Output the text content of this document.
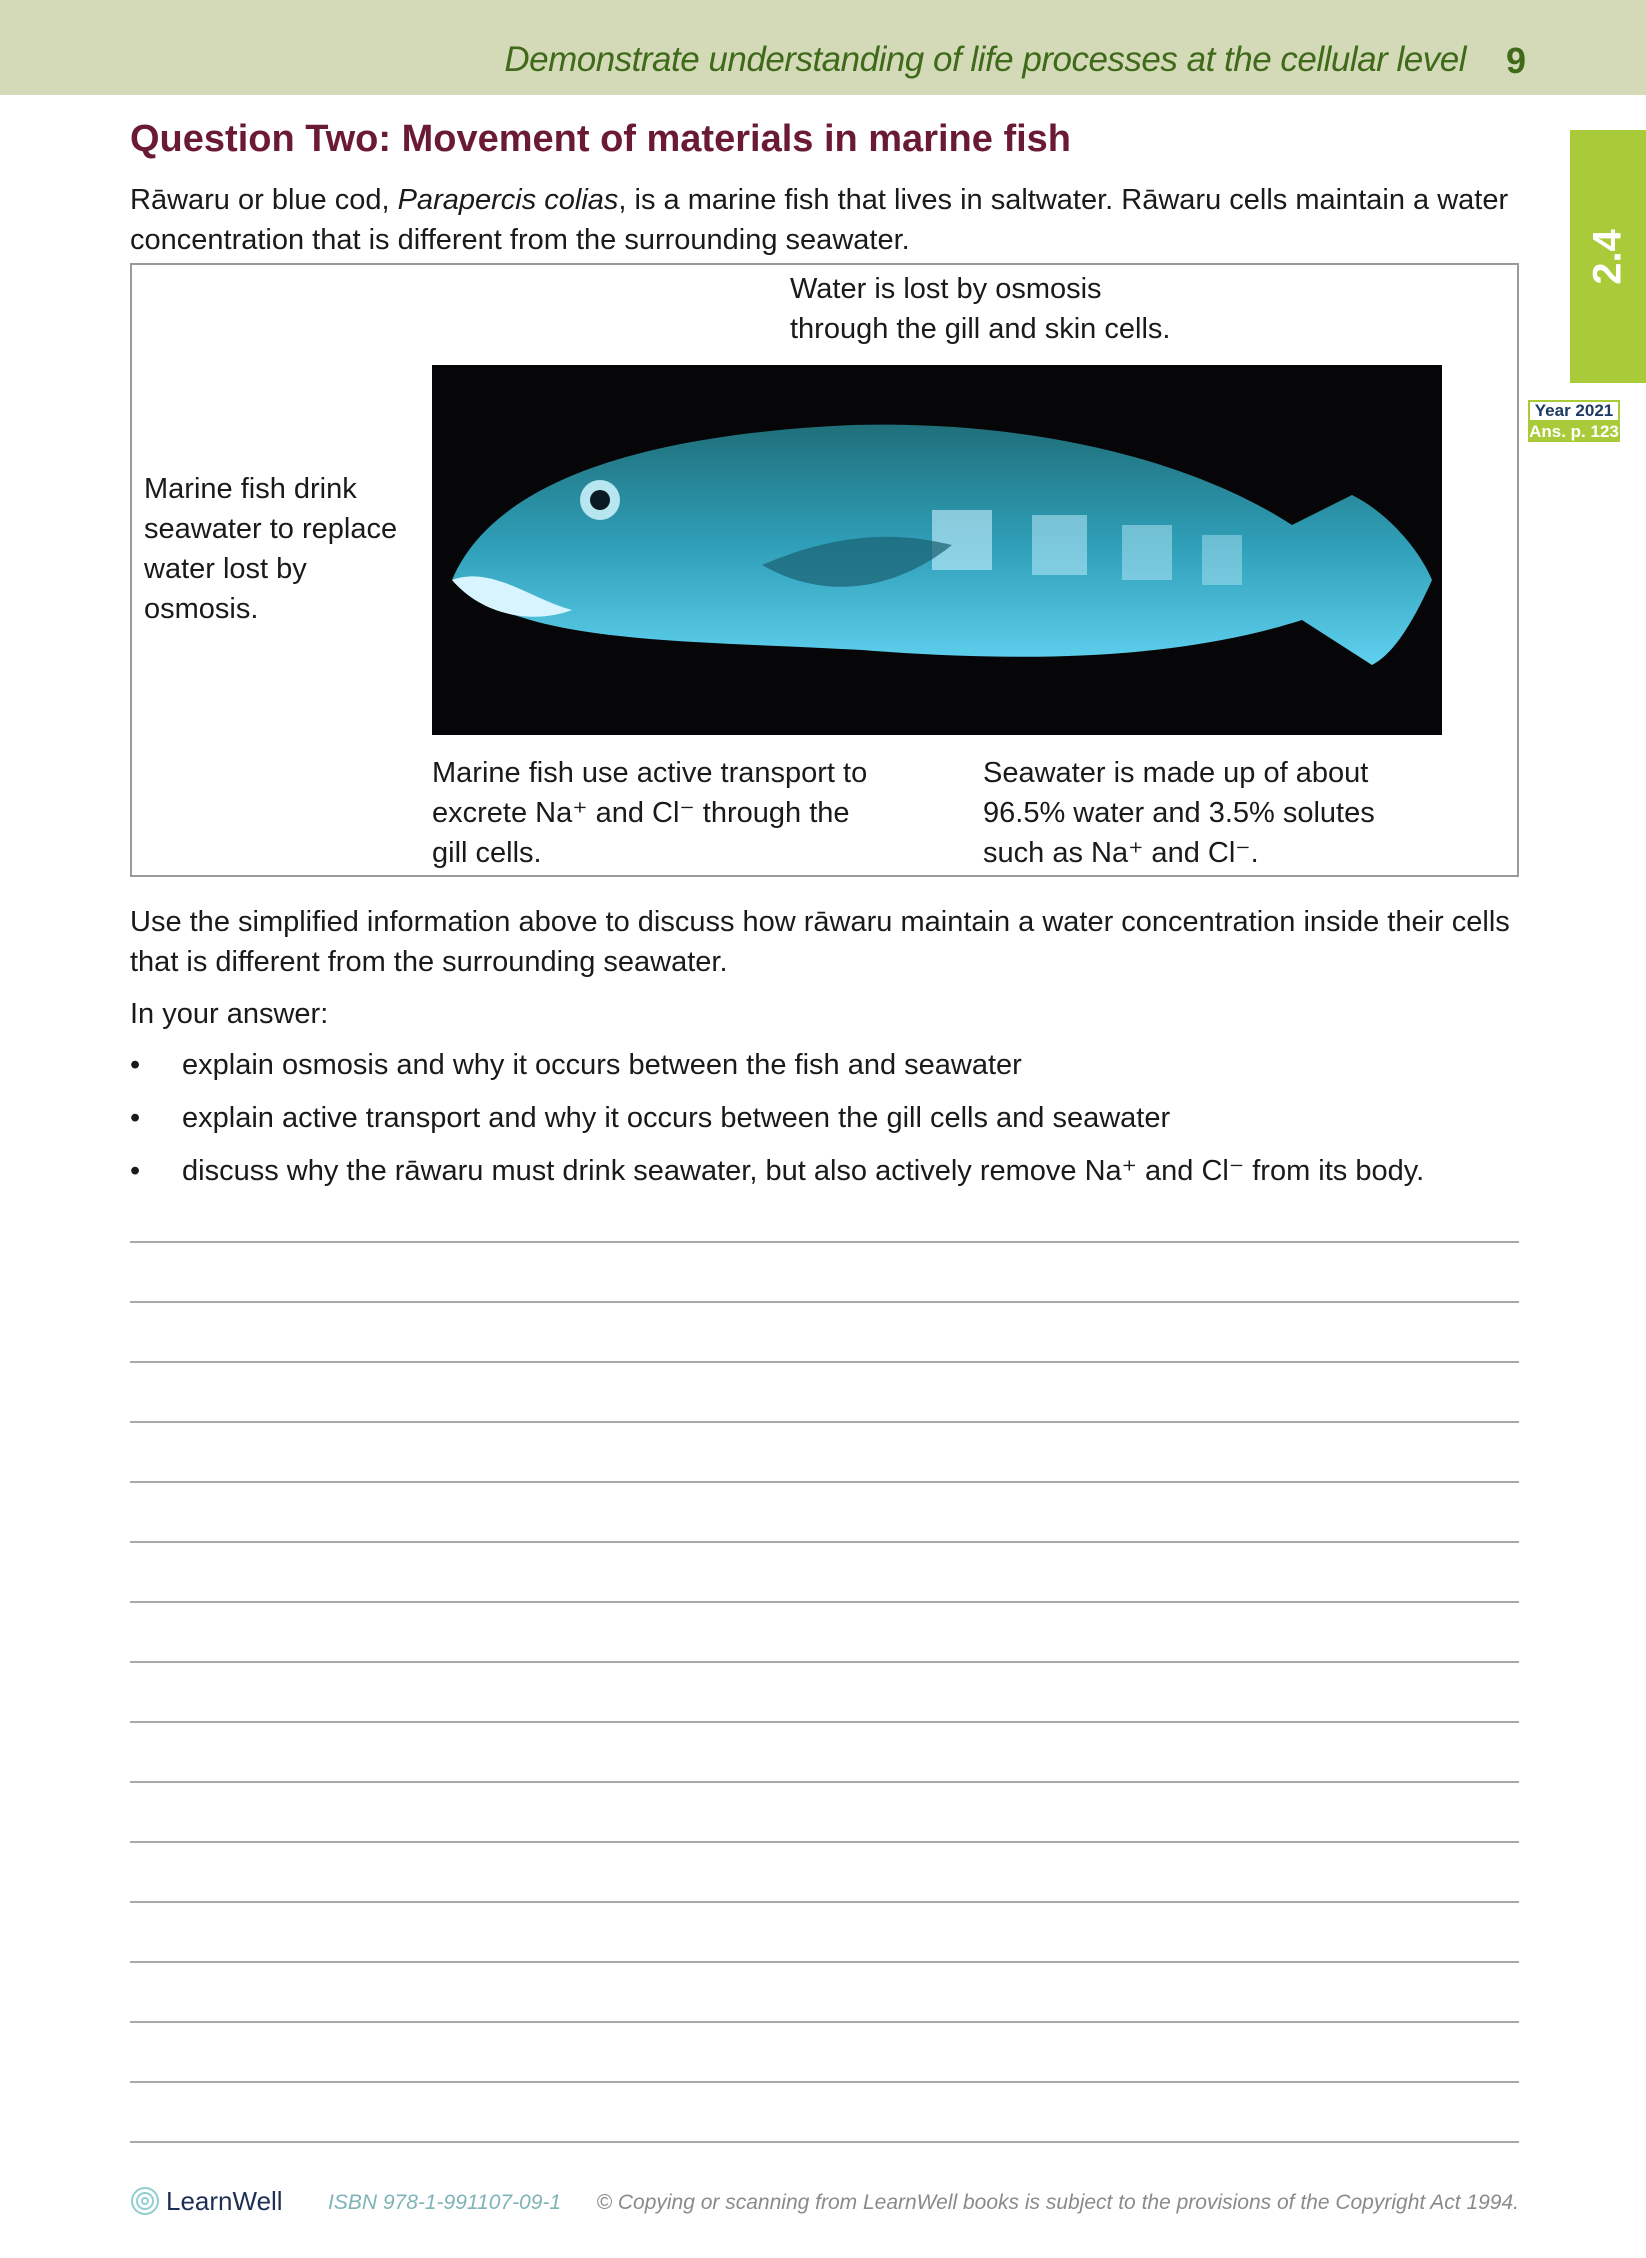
Demonstrate understanding of life processes at the cellular level 9
2.4
Year 2021
Ans. p. 123
Question Two: Movement of materials in marine fish
Rāwaru or blue cod, Parapercis colias, is a marine fish that lives in saltwater. Rāwaru cells maintain a water concentration that is different from the surrounding seawater.
Water is lost by osmosis
through the gill and skin cells.
Marine fish drink
seawater to replace
water lost by
osmosis.
Marine fish use active transport to
excrete Na⁺ and Cl⁻ through the
gill cells.
Seawater is made up of about
96.5% water and 3.5% solutes
such as Na⁺ and Cl⁻.
Use the simplified information above to discuss how rāwaru maintain a water concentration inside their cells that is different from the surrounding seawater.
In your answer:
• explain osmosis and why it occurs between the fish and seawater
• explain active transport and why it occurs between the gill cells and seawater
• discuss why the rāwaru must drink seawater, but also actively remove Na⁺ and Cl⁻ from its body.
LearnWell ISBN 978-1-991107-09-1 © Copying or scanning from LearnWell books is subject to the provisions of the Copyright Act 1994.
